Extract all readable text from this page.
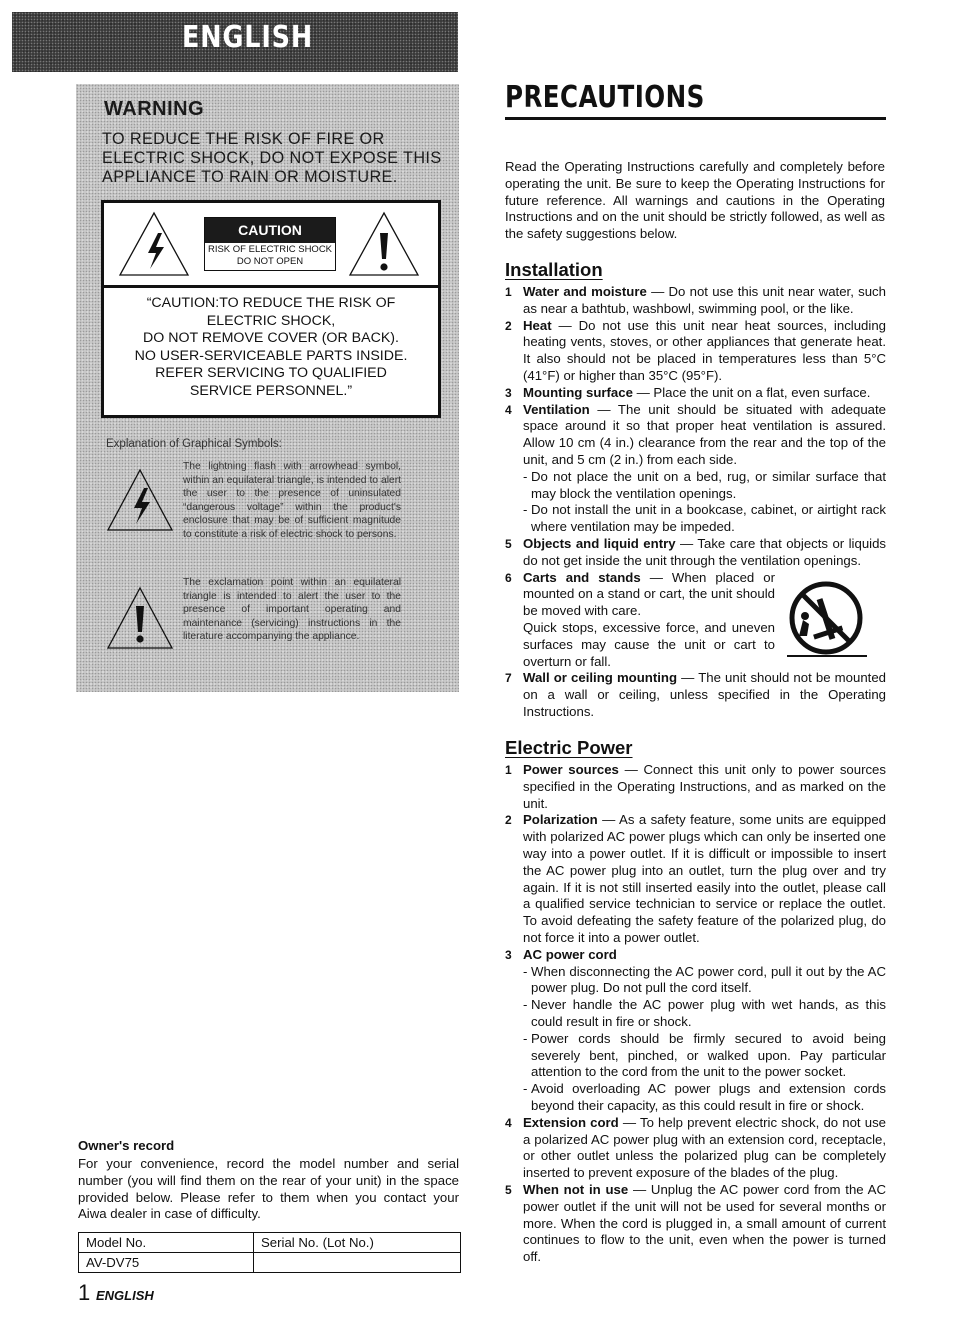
ENGLISH
WARNING
TO REDUCE THE RISK OF FIRE OR ELECTRIC SHOCK, DO NOT EXPOSE THIS APPLIANCE TO RAIN OR MOISTURE.
CAUTION
RISK OF ELECTRIC SHOCK
DO NOT OPEN
“CAUTION:TO REDUCE THE RISK OF
ELECTRIC SHOCK,
DO NOT REMOVE COVER (OR BACK).
NO USER-SERVICEABLE PARTS INSIDE.
REFER SERVICING TO QUALIFIED
SERVICE PERSONNEL.”
Explanation of Graphical Symbols:
The lightning flash with arrowhead symbol, within an equilateral triangle, is intended to alert the user to the presence of uninsulated “dangerous voltage” within the product's enclosure that may be of sufficient magnitude to constitute a risk of electric shock to persons.
The exclamation point within an equilateral triangle is intended to alert the user to the presence of important operating and maintenance (servicing) instructions in the literature accompanying the appliance.
Owner's record
For your convenience, record the model number and serial number (you will find them on the rear of your unit) in the space provided below. Please refer to them when you contact your Aiwa dealer in case of difficulty.
Model No.	Serial No. (Lot No.)
AV-DV75	
1 ENGLISH
PRECAUTIONS
Read the Operating Instructions carefully and completely before operating the unit. Be sure to keep the Operating Instructions for future reference. All warnings and cautions in the Operating Instructions and on the unit should be strictly followed, as well as the safety suggestions below.
Installation
1 Water and moisture — Do not use this unit near water, such as near a bathtub, washbowl, swimming pool, or the like.
2 Heat — Do not use this unit near heat sources, including heating vents, stoves, or other appliances that generate heat. It also should not be placed in temperatures less than 5°C (41°F) or higher than 35°C (95°F).
3 Mounting surface — Place the unit on a flat, even surface.
4 Ventilation — The unit should be situated with adequate space around it so that proper heat ventilation is assured. Allow 10 cm (4 in.) clearance from the rear and the top of the unit, and 5 cm (2 in.) from each side.
- Do not place the unit on a bed, rug, or similar surface that may block the ventilation openings.
- Do not install the unit in a bookcase, cabinet, or airtight rack where ventilation may be impeded.
5 Objects and liquid entry — Take care that objects or liquids do not get inside the unit through the ventilation openings.
6 Carts and stands — When placed or mounted on a stand or cart, the unit should be moved with care.
Quick stops, excessive force, and uneven surfaces may cause the unit or cart to overturn or fall.
7 Wall or ceiling mounting — The unit should not be mounted on a wall or ceiling, unless specified in the Operating Instructions.
Electric Power
1 Power sources — Connect this unit only to power sources specified in the Operating Instructions, and as marked on the unit.
2 Polarization — As a safety feature, some units are equipped with polarized AC power plugs which can only be inserted one way into a power outlet. If it is difficult or impossible to insert the AC power plug into an outlet, turn the plug over and try again. If it is not still inserted easily into the outlet, please call a qualified service technician to service or replace the outlet. To avoid defeating the safety feature of the polarized plug, do not force it into a power outlet.
3 AC power cord
- When disconnecting the AC power cord, pull it out by the AC power plug. Do not pull the cord itself.
- Never handle the AC power plug with wet hands, as this could result in fire or shock.
- Power cords should be firmly secured to avoid being severely bent, pinched, or walked upon. Pay particular attention to the cord from the unit to the power socket.
- Avoid overloading AC power plugs and extension cords beyond their capacity, as this could result in fire or shock.
4 Extension cord — To help prevent electric shock, do not use a polarized AC power plug with an extension cord, receptacle, or other outlet unless the polarized plug can be completely inserted to prevent exposure of the blades of the plug.
5 When not in use — Unplug the AC power cord from the AC power outlet if the unit will not be used for several months or more. When the cord is plugged in, a small amount of current continues to flow to the unit, even when the power is turned off.
